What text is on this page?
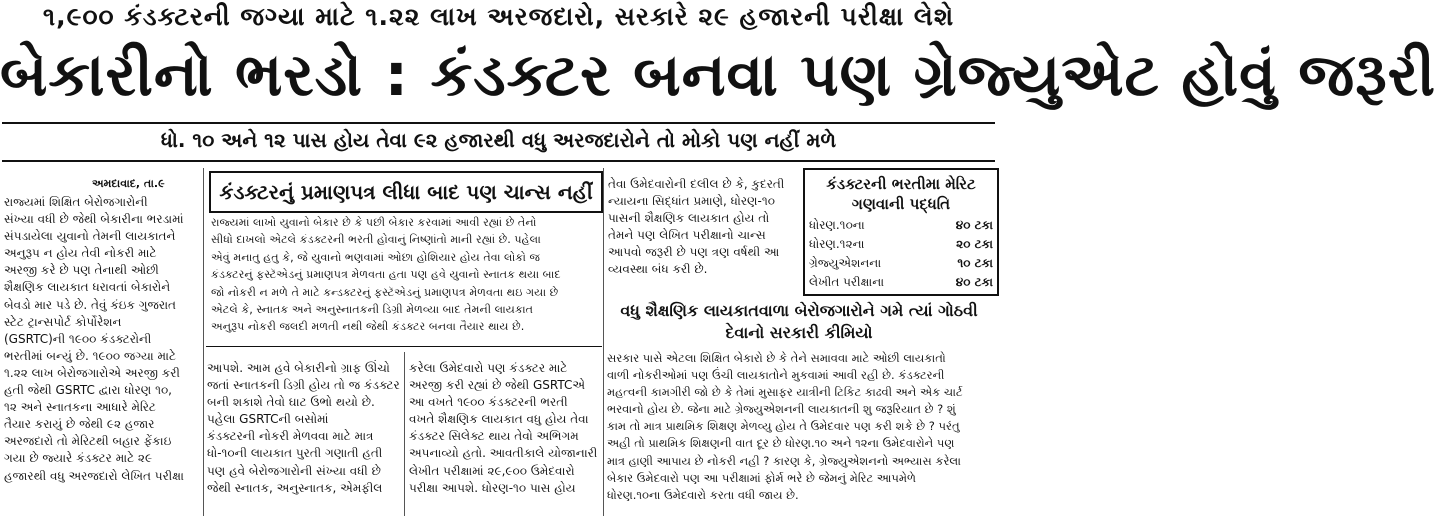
૧,૯૦૦ કંડક્ટરની જગ્યા માટે ૧.૨૨ લાખ અરજદારો, સરકારે ૨૯ હજારની પરીક્ષા લેશે
બેકારીનો ભરડો : કંડક્ટર બનવા પણ ગ્રેજ્યુએટ હોવું જરૂરી
ધો. ૧૦ અને ૧૨ પાસ હોય તેવા ૯૨ હજારથી વધુ અરજદારોને તો મોકો પણ નહીં મળે
અમદાવાદ, તા.૯
રાજ્યમાં શિક્ષિત બેરોજગારોની
સંખ્યા વધી છે જેથી બેકારીના ભરડામાં
સંપડાયેલા યુવાનો તેમની લાયકાતને
અનુરૂપ ન હોય તેવી નોકરી માટે
અરજી કરે છે પણ તેનાથી ઓછી
શૈક્ષણિક લાયકાત ધરાવતાં બેકારોને
બેવડો માર પડે છે. તેવું કંઇક ગુજરાત
સ્ટેટ ટ્રાન્સપોર્ટ કોર્પોરેશન
(GSRTC)ની ૧૯૦૦ કંડક્ટરોની
ભરતીમાં બન્યું છે. ૧૯૦૦ જગ્યા માટે
૧.૨૨ લાખ બેરોજગારોએ અરજી કરી
હતી જેથી GSRTC દ્વારા ધોરણ ૧૦,
૧૨ અને સ્નાતકના આધારે મેરિટ
તૈયાર કરાયું છે જેથી ૯૨ હજાર
અરજદારો તો મેરિટથી બહાર ફેંકાઇ
ગયા છે જ્યારે કંડક્ટર માટે ૨૯
હજારથી વધુ અરજદારો લેખિત પરીક્ષા
કંડક્ટરનું પ્રમાણપત્ર લીધા બાદ પણ ચાન્સ નહીં
રાજ્યમાં લાખો યુવાનો બેકાર છે કે પછી બેકાર કરવામાં આવી રહ્યાં છે તેનો
સીધો દાખલો એટલે કંડક્ટરની ભરતી હોવાનું નિષ્ણાંતો માની રહ્યાં છે. પહેલા
એવું મનાતુ હતુ કે, જે યુવાનો ભણવામાં ઓછા હોશિયાર હોય તેવા લોકો જ
કંડક્ટરનું ફસ્ટૅએડનું પ્રમાણપત્ર મેળવતા હતા પણ હવે યુવાનો સ્નાતક થયા બાદ
જો નોકરી ન મળે તે માટે કન્ડક્ટરનું ફસ્ટૅએડનું પ્રમાણપત્ર મેળવતા થઇ ગયા છે
એટલે કે, સ્નાતક અને અનુસ્નાતકની ડિગ્રી મેળવ્યા બાદ તેમની લાયકાત
અનુરૂપ નોકરી જલદી મળતી નથી જેથી કંડક્ટર બનવા તૈયાર થાય છે.
આપશે. આમ હવે બેકારીનો ગ્રાફ ઊંચો
જતાં સ્નાતકની ડિગ્રી હોય તો જ કંડક્ટર
બની શકાશે તેવો ઘાટ ઉભો થયો છે.
પહેલા GSRTCની બસોમાં
કંડક્ટરની નોકરી મેળવવા માટે માત્ર
ધો-૧૦ની લાયકાત પુરતી ગણાતી હતી
પણ હવે બેરોજગારોની સંખ્યા વધી છે
જેથી સ્નાતક, અનુસ્નાતક, એમફીલ
તેવા ઉમેદવારોની દલીલ છે કે, કુદરતી
ન્યાયના સિદ્ધાંત પ્રમાણે, ધોરણ-૧૦
પાસની શૈક્ષણિક લાયકાત હોય તો
તેમને પણ લેખિત પરીક્ષાનો ચાન્સ
આપવો જરૂરી છે પણ ત્રણ વર્ષથી આ
વ્યવસ્થા બંધ કરી છે.
કરેલા ઉમેદવારો પણ કંડક્ટર માટે
અરજી કરી રહ્યાં છે જેથી GSRTCએ
આ વખતે ૧૯૦૦ કંડક્ટરની ભરતી
વખતે શૈક્ષણિક લાયકાત વધુ હોય તેવા
કંડક્ટર સિલેક્ટ થાય તેવો અભિગમ
અપનાવ્યો હતો. આવતીકાલે યોજાનારી
લેખીત પરીક્ષામાં ૨૯,૯૦૦ ઉમેદવારો
પરીક્ષા આપશે. ધોરણ-૧૦ પાસ હોય
કંડક્ટરની ભરતીમા મેરિટ ગણવાની પદ્ધતિ
ધોરણ.૧૦ના	૪૦ ટકા
ધોરણ.૧૨ના	૨૦ ટકા
ગ્રેજ્યુએશનના	૧૦ ટકા
લેખીત પરીક્ષાના	૪૦ ટકા
વધુ શૈક્ષણિક લાયકાતવાળા બેરોજગારોને ગમે ત્યાં ગોઠવી દેવાનો સરકારી કીમિયો
સરકાર પાસે એટલા શિક્ષિત બેકારો છે કે તેને સમાવવા માટે ઓછી લાયકાતો
વાળી નોકરીઓમાં પણ ઉંચી લાયકાતોને મુકવામાં આવી રહી છે. કંડક્ટરની
મહત્વની કામગીરી જો છે કે તેમાં મુસાફર યાત્રીની ટિકિટ કાઢવી અને એક ચાર્ટ
ભરવાનો હોય છે. જેના માટે ગ્રેજ્યુએશનની લાયકાતની શુ જરૂરિયાત છે ? શું
કામ તો માત્ર પ્રાથમિક શિક્ષણ મેળવ્યુ હોય તે ઉમેદવાર પણ કરી શકે છે ? પરંતુ
અહી તો પ્રાથમિક શિક્ષણની વાત દૂર છે ધોરણ.૧૦ અને ૧૨ના ઉમેદવારોને પણ
માત્ર હાણી આપાય છે નોકરી નહી ? કારણ કે, ગ્રેજ્યુએશનનો અભ્યાસ કરેલા
બેકાર ઉમેદવારો પણ આ પરીક્ષામાં ફોર્મ ભરે છે જેમનું મેરિટ આપમેળે
ધોરણ.૧૦ના ઉમેદવારો કરતા વધી જાય છે.
